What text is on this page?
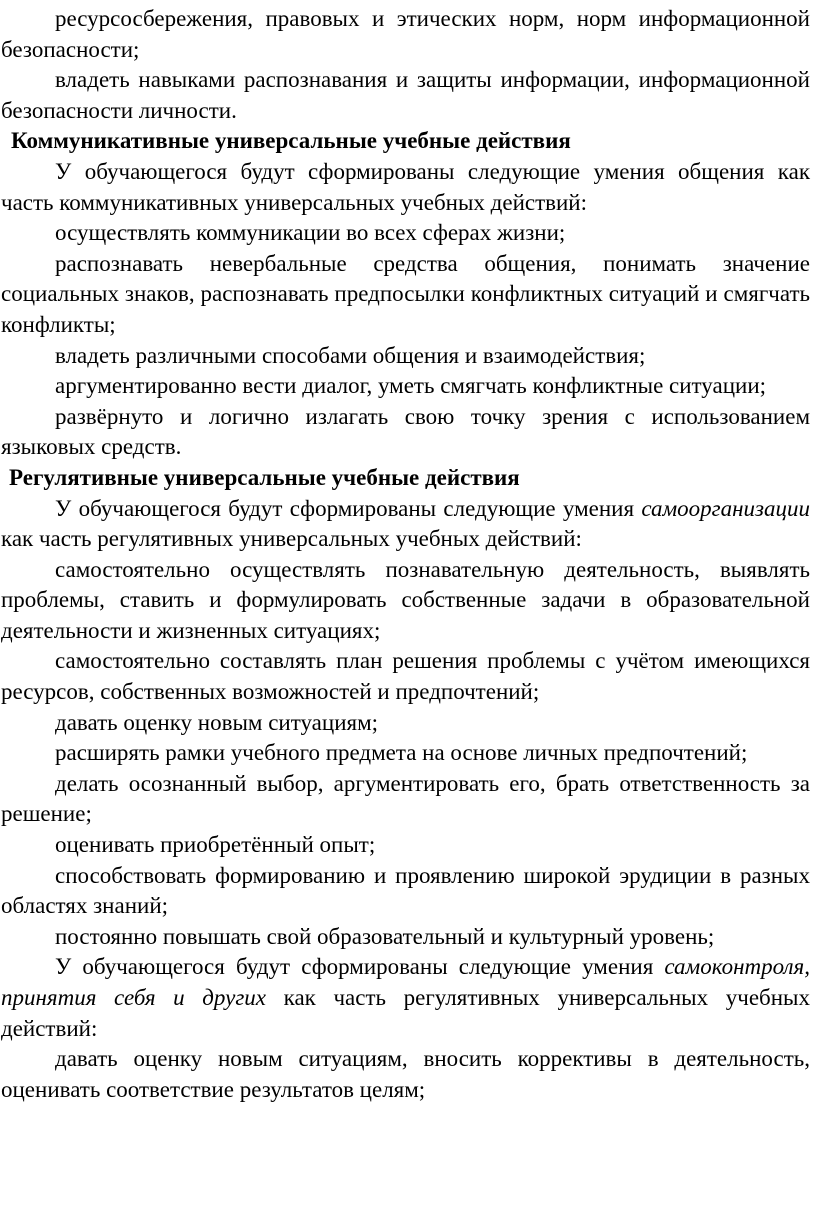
ресурсосбережения, правовых и этических норм, норм информационной безопасности;

владеть навыками распознавания и защиты информации, информационной безопасности личности.

Коммуникативные универсальные учебные действия

У обучающегося будут сформированы следующие умения общения как часть коммуникативных универсальных учебных действий:

осуществлять коммуникации во всех сферах жизни;

распознавать невербальные средства общения, понимать значение социальных знаков, распознавать предпосылки конфликтных ситуаций и смягчать конфликты;

владеть различными способами общения и взаимодействия;

аргументированно вести диалог, уметь смягчать конфликтные ситуации;

развёрнуто и логично излагать свою точку зрения с использованием языковых средств.

Регулятивные универсальные учебные действия

У обучающегося будут сформированы следующие умения самоорганизации как часть регулятивных универсальных учебных действий:

самостоятельно осуществлять познавательную деятельность, выявлять проблемы, ставить и формулировать собственные задачи в образовательной деятельности и жизненных ситуациях;

самостоятельно составлять план решения проблемы с учётом имеющихся ресурсов, собственных возможностей и предпочтений;

давать оценку новым ситуациям;

расширять рамки учебного предмета на основе личных предпочтений;

делать осознанный выбор, аргументировать его, брать ответственность за решение;

оценивать приобретённый опыт;

способствовать формированию и проявлению широкой эрудиции в разных областях знаний;

постоянно повышать свой образовательный и культурный уровень;

У обучающегося будут сформированы следующие умения самоконтроля, принятия себя и других как часть регулятивных универсальных учебных действий:

давать оценку новым ситуациям, вносить коррективы в деятельность, оценивать соответствие результатов целям;
